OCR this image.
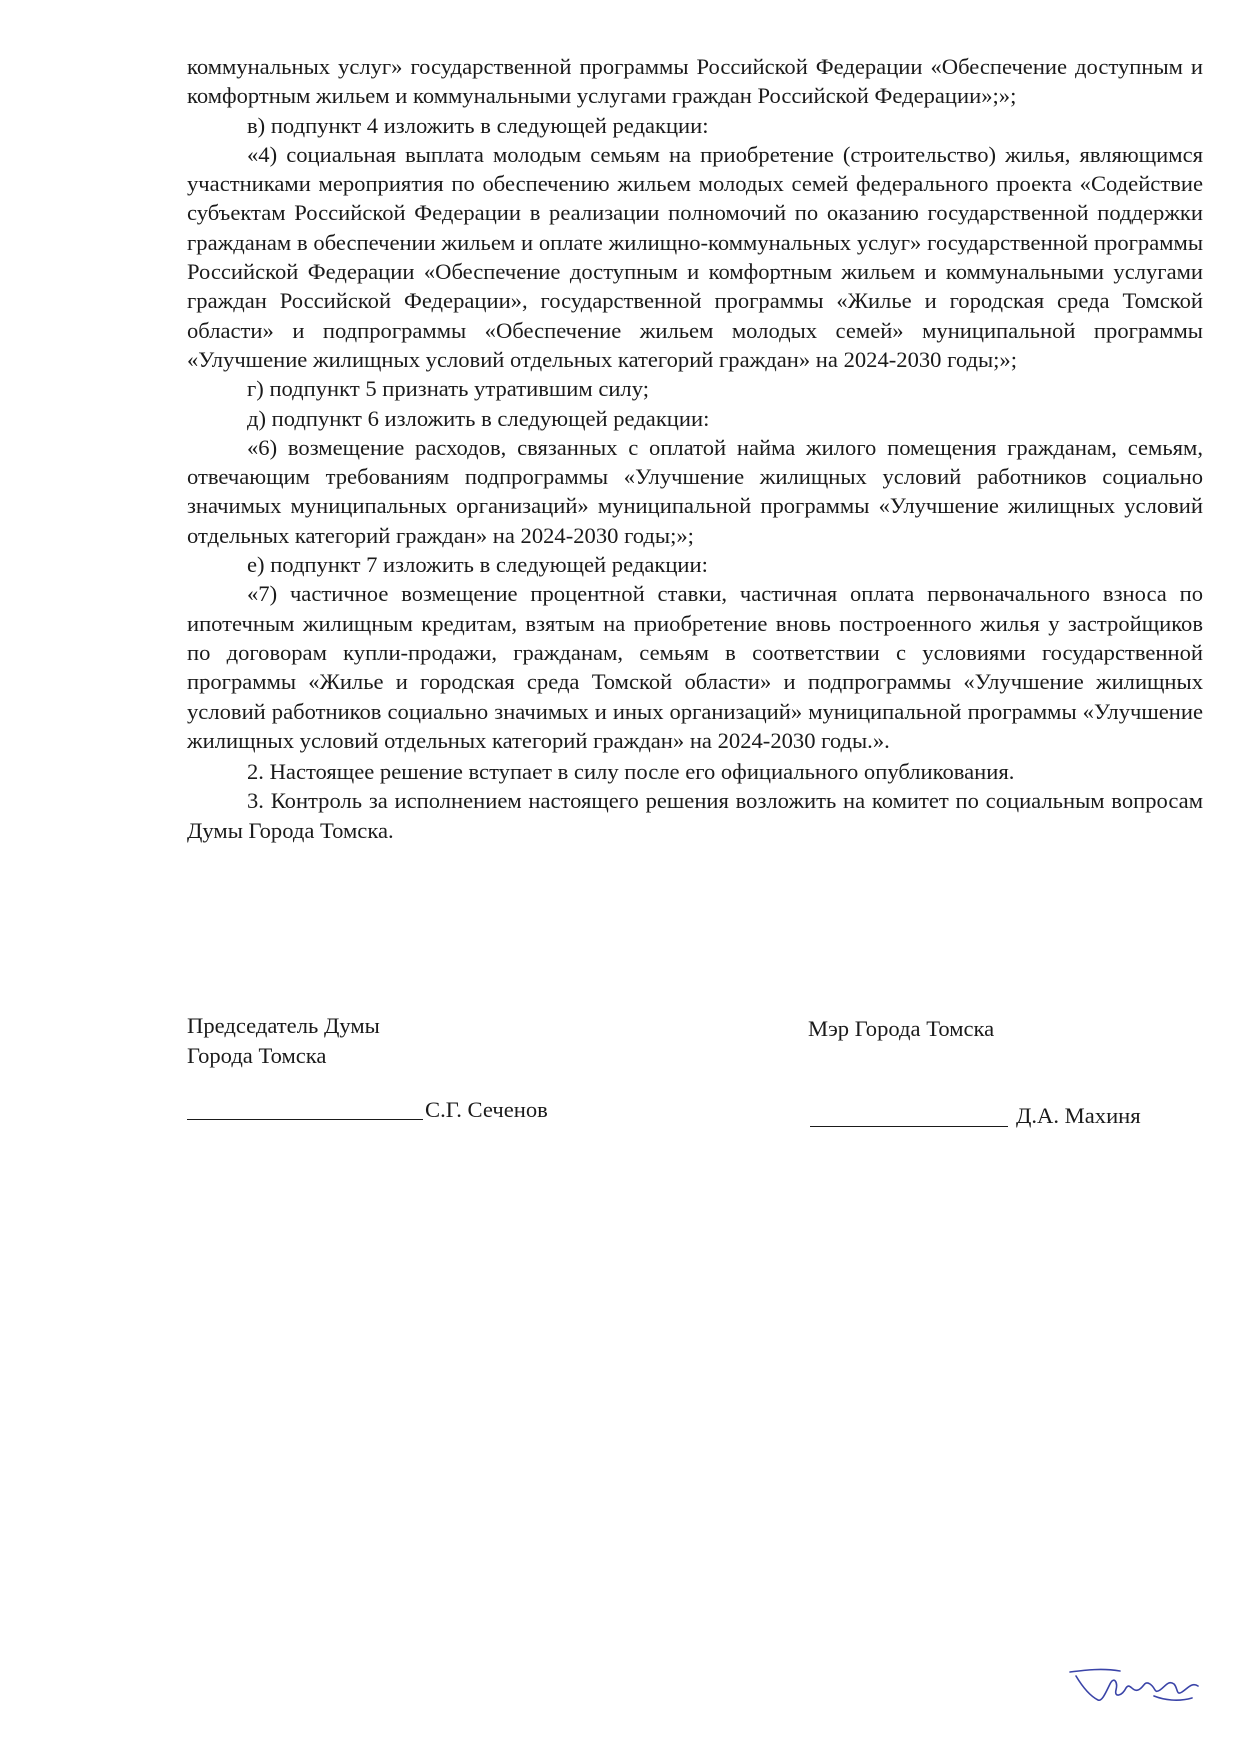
коммунальных услуг» государственной программы Российской Федерации «Обеспечение доступным и комфортным жильем и коммунальными услугами граждан Российской Федерации»;»;

в) подпункт 4 изложить в следующей редакции:

«4) социальная выплата молодым семьям на приобретение (строительство) жилья, являющимся участниками мероприятия по обеспечению жильем молодых семей федерального проекта «Содействие субъектам Российской Федерации в реализации полномочий по оказанию государственной поддержки гражданам в обеспечении жильем и оплате жилищно-коммунальных услуг» государственной программы Российской Федерации «Обеспечение доступным и комфортным жильем и коммунальными услугами граждан Российской Федерации», государственной программы «Жилье и городская среда Томской области» и подпрограммы «Обеспечение жильем молодых семей» муниципальной программы «Улучшение жилищных условий отдельных категорий граждан» на 2024-2030 годы;»;

г) подпункт 5 признать утратившим силу;

д) подпункт 6 изложить в следующей редакции:

«6) возмещение расходов, связанных с оплатой найма жилого помещения гражданам, семьям, отвечающим требованиям подпрограммы «Улучшение жилищных условий работников социально значимых муниципальных организаций» муниципальной программы «Улучшение жилищных условий отдельных категорий граждан» на 2024-2030 годы;»;

е) подпункт 7 изложить в следующей редакции:

«7) частичное возмещение процентной ставки, частичная оплата первоначального взноса по ипотечным жилищным кредитам, взятым на приобретение вновь построенного жилья у застройщиков по договорам купли-продажи, гражданам, семьям в соответствии с условиями государственной программы «Жилье и городская среда Томской области» и подпрограммы «Улучшение жилищных условий работников социально значимых и иных организаций» муниципальной программы «Улучшение жилищных условий отдельных категорий граждан» на 2024-2030 годы.».

2. Настоящее решение вступает в силу после его официального опубликования.

3. Контроль за исполнением настоящего решения возложить на комитет по социальным вопросам Думы Города Томска.

Председатель Думы
Города Томска
Мэр Города Томска
С.Г. Сеченов	Д.А. Махиня
